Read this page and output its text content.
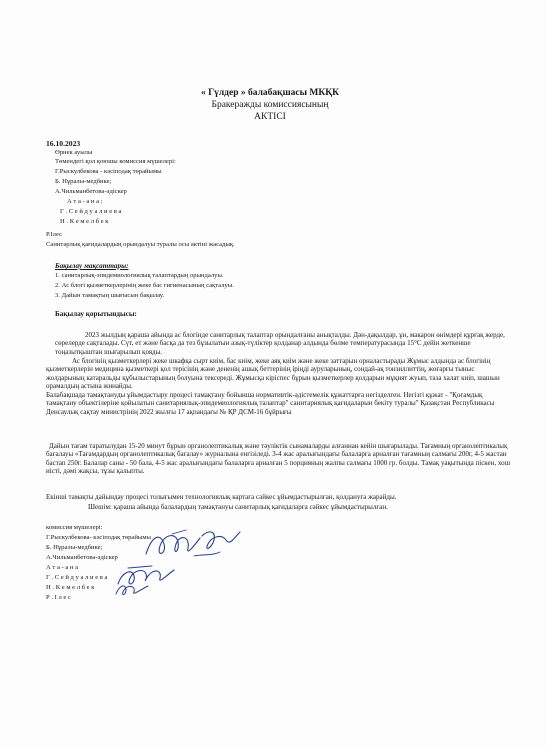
« Гүлдер » балабақшасы МКҚК
Бракеражды комиссиясының
АКТІСІ
16.10.2023
Өрнек ауылы
Төмендегі қол қоюшы комиссия мүшелері:
Г.Рыскулбекова - кәсіподақ төрайымы
Б. Нұралы-медбике;
А.Чильманбетова-әдіскер
А т а - а н а :
Г . С е й д у а л и е в а
Н . К е м е л б е к
Р.Ілес
Санитарлық қағидалардың орындалуы туралы осы актіні жасадық.
Бақылау мақсаттары:
1. санитарлық-эпидемиологиялық талаптардың орындалуы.
2. Ас блогі қызметкерлерінің жеке бас гигиенасының сақталуы.
3. Дайын тамақтың шығысын бақылау.
Бақылау қорытындысы:
2023 жылдың қараша айында ас блогінде санитарлық талаптар орындалғаны анықталды. Дән-дақылдар, ұн, макарон өнімдері құрғақ жерде, сөрелерде сақталады. Сүт, ет және басқа да тез бұзылатын азық-түліктер қолданар алдында бөлме температурасында 15°С дейін жеткенше тоңазытқыштан шығарылып қояды.
Ас блогінің қызметкерлері жеке шкафқа сырт киім, бас киім, жеке аяқ киім және жеке заттарын орналастырады Жұмыс алдында ас блогінің қызметкерлерін медицина қызметкері қол терісінің және дененің ашық беттерінің іріңді ауруларының, сондай-ақ тонзиллиттің, жоғарғы тыныс жолдарының катаральды құбылыстарының болуына тексереді. Жұмысқа кіріспес бұрын қызметкерлер қолдарын мұқият жуып, таза халат киіп, шашын орамалдың астына жинайды.
Балабақшада тамақтануды ұйымдастыру процесі тамақтану бойынша нормативтік-әдістемелік құжаттарға негізделген. Негізгі құжат - "Қоғамдық тамақтану объектілеріне қойылатын санитариялық-эпидемиологиялық талаптар" санитариялық қағидаларын бекіту туралы" Қазақстан Республикасы Денсаулық сақтау министрінің 2022 жылғы 17 ақпандағы № ҚР ДСМ-16 бұйрығы
Дайын тағам таратылудан 15-20 минут бұрын органолептикалық және тәуліктік сынамаларды алғаннан кейін шығарылады. Тағамның органолептикалық бағалауы «Тағамдардың органолептикалық бағалау» журналына енгізіледі. 3-4 жас аралығындағы балаларға арналған тағамның салмағы 200г, 4-5 жастан бастап 250г. Балалар саны - 50 бала, 4-5 жас аралығындағы балаларға арналған 5 порцияның жалпы салмағы 1000 гр. болды. Тамақ уақытында піскен, хош иісті, дәмі жақсы, тұзы қалыпты.
Екінші тамақты дайындау процесі толығымен технологиялық картаға сәйкес ұйымдастырылған, қолдануға жарайды.
Шешім: қараша айында балалардың тамақтануы санитарлық қағидаларға сәйкес ұйымдастырылған.
комиссия мүшелері:
Г.Рыскулбекова- кәсіподақ төрайымы
Б. Нұралы-медбике;
А.Чильманбетова-әдіскер
А т а - а н а
Г . С е й д у а л и е в а
Н . К е м е л б е к
Р . І л е с
